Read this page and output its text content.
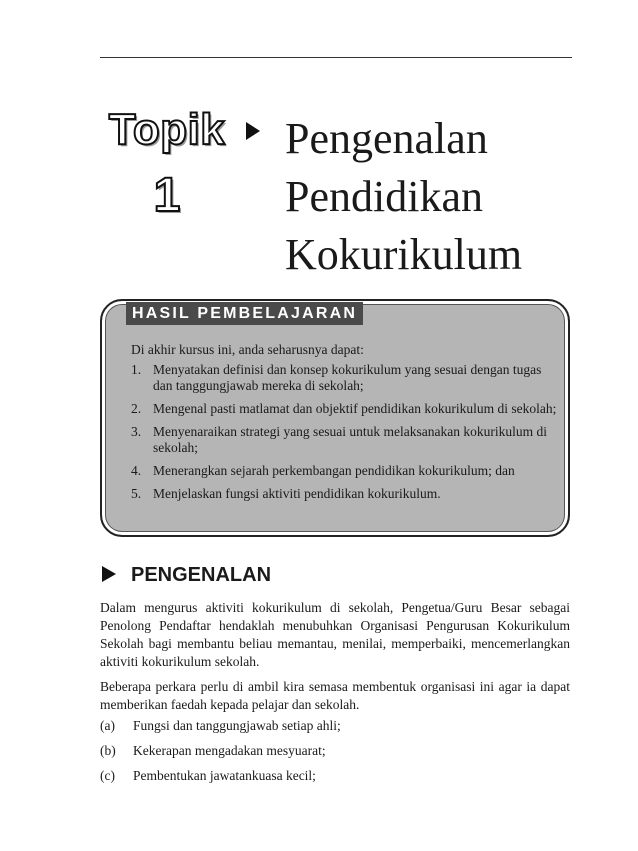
Topik
1
Pengenalan
Pendidikan
Kokurikulum
HASIL PEMBELAJARAN
Di akhir kursus ini, anda seharusnya dapat:
1. Menyatakan definisi dan konsep kokurikulum yang sesuai dengan tugas dan tanggungjawab mereka di sekolah;
2. Mengenal pasti matlamat dan objektif pendidikan kokurikulum di sekolah;
3. Menyenaraikan strategi yang sesuai untuk melaksanakan kokurikulum di sekolah;
4. Menerangkan sejarah perkembangan pendidikan kokurikulum; dan
5. Menjelaskan fungsi aktiviti pendidikan kokurikulum.
PENGENALAN

Dalam mengurus aktiviti kokurikulum di sekolah, Pengetua/Guru Besar sebagai Penolong Pendaftar hendaklah menubuhkan Organisasi Pengurusan Kokurikulum Sekolah bagi membantu beliau memantau, menilai, memperbaiki, mencemerlangkan aktiviti kokurikulum sekolah.

Beberapa perkara perlu di ambil kira semasa membentuk organisasi ini agar ia dapat memberikan faedah kepada pelajar dan sekolah.

(a) Fungsi dan tanggungjawab setiap ahli;
(b) Kekerapan mengadakan mesyuarat;
(c) Pembentukan jawatankuasa kecil;
